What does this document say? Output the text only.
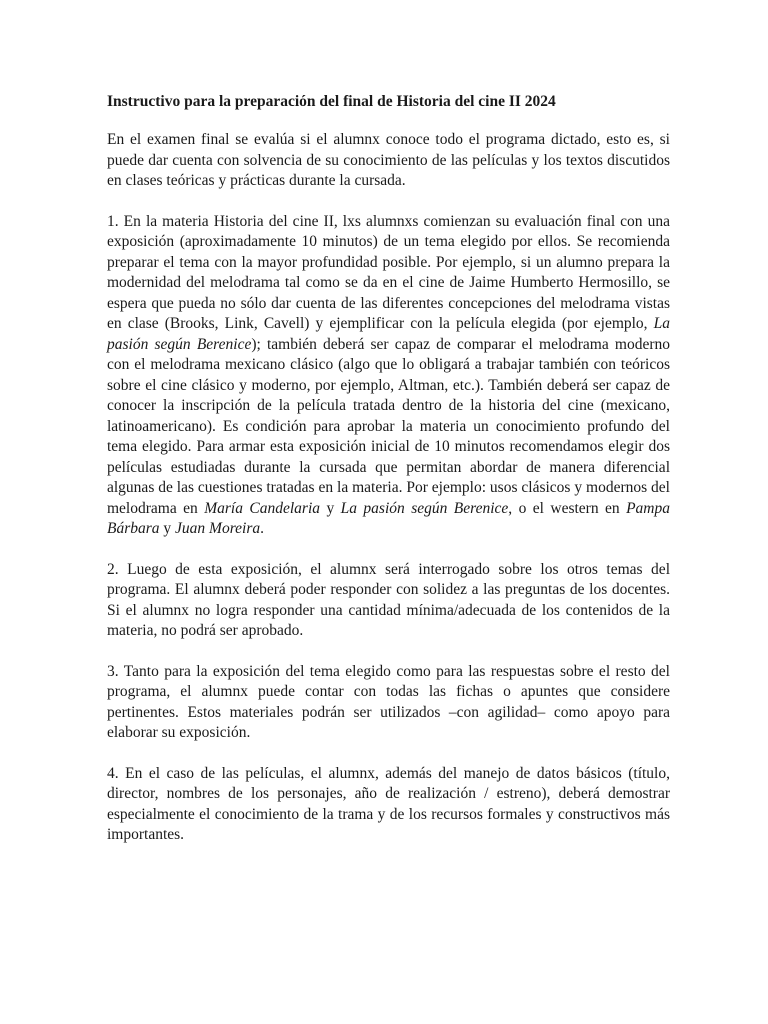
Instructivo para la preparación del final de Historia del cine II 2024

En el examen final se evalúa si el alumnx conoce todo el programa dictado, esto es, si puede dar cuenta con solvencia de su conocimiento de las películas y los textos discutidos en clases teóricas y prácticas durante la cursada.

1. En la materia Historia del cine II, lxs alumnxs comienzan su evaluación final con una exposición (aproximadamente 10 minutos) de un tema elegido por ellos. Se recomienda preparar el tema con la mayor profundidad posible. Por ejemplo, si un alumno prepara la modernidad del melodrama tal como se da en el cine de Jaime Humberto Hermosillo, se espera que pueda no sólo dar cuenta de las diferentes concepciones del melodrama vistas en clase (Brooks, Link, Cavell) y ejemplificar con la película elegida (por ejemplo, La pasión según Berenice); también deberá ser capaz de comparar el melodrama moderno con el melodrama mexicano clásico (algo que lo obligará a trabajar también con teóricos sobre el cine clásico y moderno, por ejemplo, Altman, etc.). También deberá ser capaz de conocer la inscripción de la película tratada dentro de la historia del cine (mexicano, latinoamericano). Es condición para aprobar la materia un conocimiento profundo del tema elegido. Para armar esta exposición inicial de 10 minutos recomendamos elegir dos películas estudiadas durante la cursada que permitan abordar de manera diferencial algunas de las cuestiones tratadas en la materia. Por ejemplo: usos clásicos y modernos del melodrama en María Candelaria y La pasión según Berenice, o el western en Pampa Bárbara y Juan Moreira.

2. Luego de esta exposición, el alumnx será interrogado sobre los otros temas del programa. El alumnx deberá poder responder con solidez a las preguntas de los docentes. Si el alumnx no logra responder una cantidad mínima/adecuada de los contenidos de la materia, no podrá ser aprobado.

3. Tanto para la exposición del tema elegido como para las respuestas sobre el resto del programa, el alumnx puede contar con todas las fichas o apuntes que considere pertinentes. Estos materiales podrán ser utilizados –con agilidad– como apoyo para elaborar su exposición.

4. En el caso de las películas, el alumnx, además del manejo de datos básicos (título, director, nombres de los personajes, año de realización / estreno), deberá demostrar especialmente el conocimiento de la trama y de los recursos formales y constructivos más importantes.
